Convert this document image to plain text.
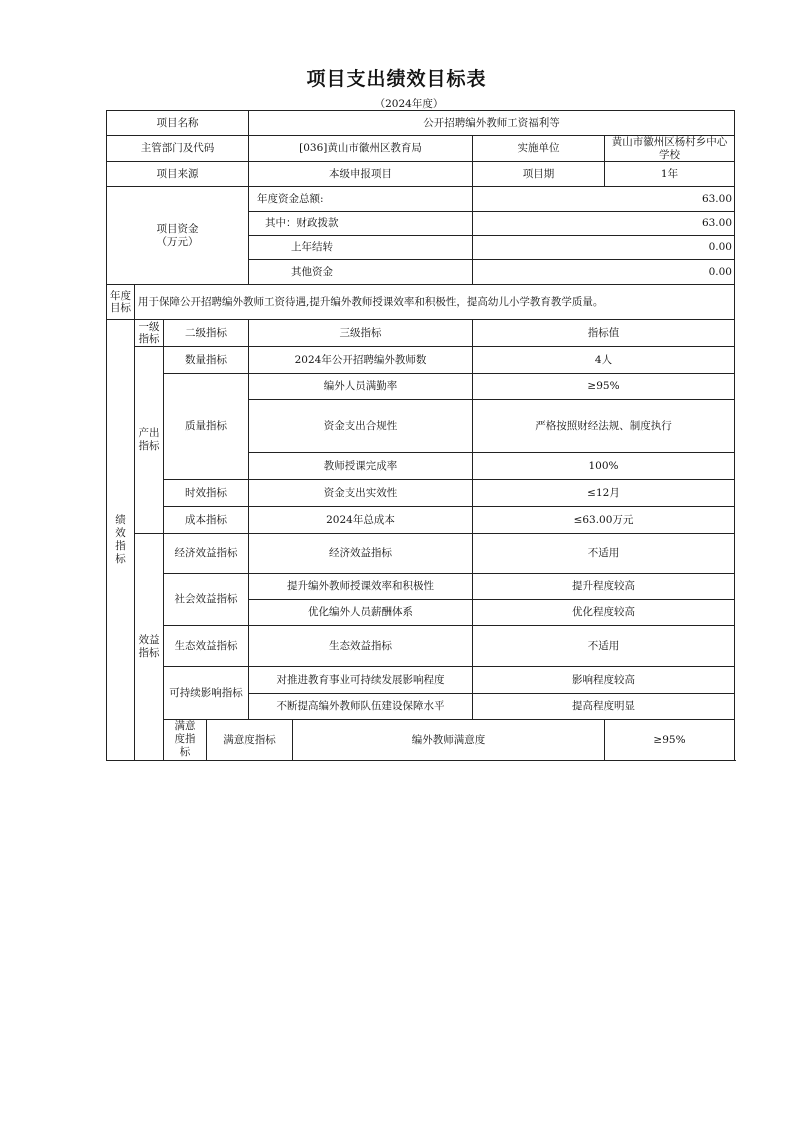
项目支出绩效目标表
（2024年度）
项目名称				公开招聘编外教师工资福利等			
主管部门及代码				[036]黄山市徽州区教育局		实施单位	黄山市徽州区杨村乡中心学校
项目来源				本级申报项目		项目期	1年
项目资金
（万元）				年度资金总额:		63.00	
				其中：财政拨款		63.00	
				上年结转		0.00	
				其他资金		0.00	
年度
目标	用于保障公开招聘编外教师工资待遇,提升编外教师授课效率和积极性，提高幼儿小学教育教学质量。						
绩效指标	一级指标	二级指标		三级指标		指标值	
	产出指标	数量指标		2024年公开招聘编外教师数		4人	
		质量指标		编外人员满勤率		≥95%	
				资金支出合规性		严格按照财经法规、制度执行	
				教师授课完成率		100%	
		时效指标		资金支出实效性		≤12月	
		成本指标		2024年总成本		≤63.00万元	
	效益指标	经济效益指标		经济效益指标		不适用	
		社会效益指标		提升编外教师授课效率和积极性		提升程度较高	
				优化编外人员薪酬体系		优化程度较高	
		生态效益指标		生态效益指标		不适用	
		可持续影响指标		对推进教育事业可持续发展影响程度		影响程度较高	
				不断提高编外教师队伍建设保障水平		提高程度明显	
		满意度指标	满意度指标		编外教师满意度		≥95%
